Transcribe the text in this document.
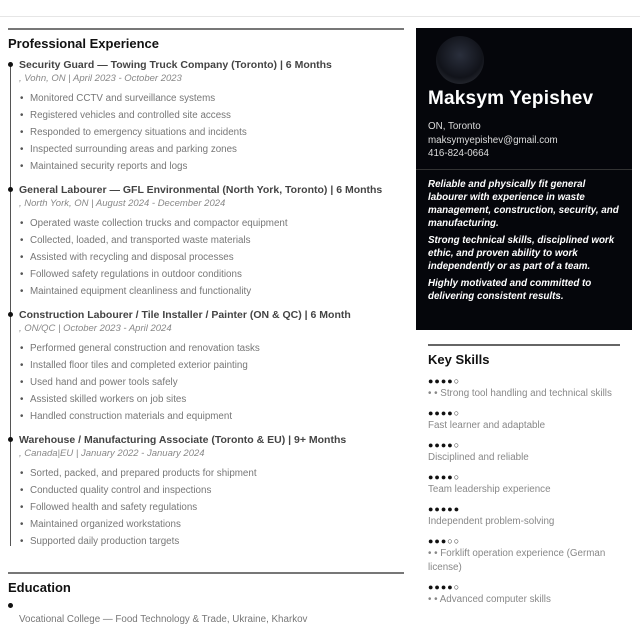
Professional Experience
Security Guard — Towing Truck Company (Toronto) | 6 Months
, Vohn, ON | April 2023 - October 2023
• Monitored CCTV and surveillance systems
• Registered vehicles and controlled site access
• Responded to emergency situations and incidents
• Inspected surrounding areas and parking zones
• Maintained security reports and logs
General Labourer — GFL Environmental (North York, Toronto) | 6 Months
, North York, ON | August 2024 - December 2024
• Operated waste collection trucks and compactor equipment
• Collected, loaded, and transported waste materials
• Assisted with recycling and disposal processes
• Followed safety regulations in outdoor conditions
• Maintained equipment cleanliness and functionality
Construction Labourer / Tile Installer / Painter (ON & QC) | 6 Month
, ON/QC | October 2023 - April 2024
• Performed general construction and renovation tasks
• Installed floor tiles and completed exterior painting
• Used hand and power tools safely
• Assisted skilled workers on job sites
• Handled construction materials and equipment
Warehouse / Manufacturing Associate (Toronto & EU) | 9+ Months
, Canada|EU | January 2022 - January 2024
• Sorted, packed, and prepared products for shipment
• Conducted quality control and inspections
• Followed health and safety regulations
• Maintained organized workstations
• Supported daily production targets
Education
Vocational College — Food Technology & Trade, Ukraine, Kharkov
Maksym Yepishev
ON, Toronto
maksymyepishev@gmail.com
416-824-0664

Reliable and physically fit general labourer with experience in waste management, construction, security, and manufacturing.

Strong technical skills, disciplined work ethic, and proven ability to work independently or as part of a team.

Highly motivated and committed to delivering consistent results.

Key Skills
●●●●○
• • Strong tool handling and technical skills
●●●●○
Fast learner and adaptable
●●●●○
Disciplined and reliable
●●●●○
Team leadership experience
●●●●●
Independent problem-solving
●●●○○
• • Forklift operation experience (German license)
●●●●○
• • Advanced computer skills
